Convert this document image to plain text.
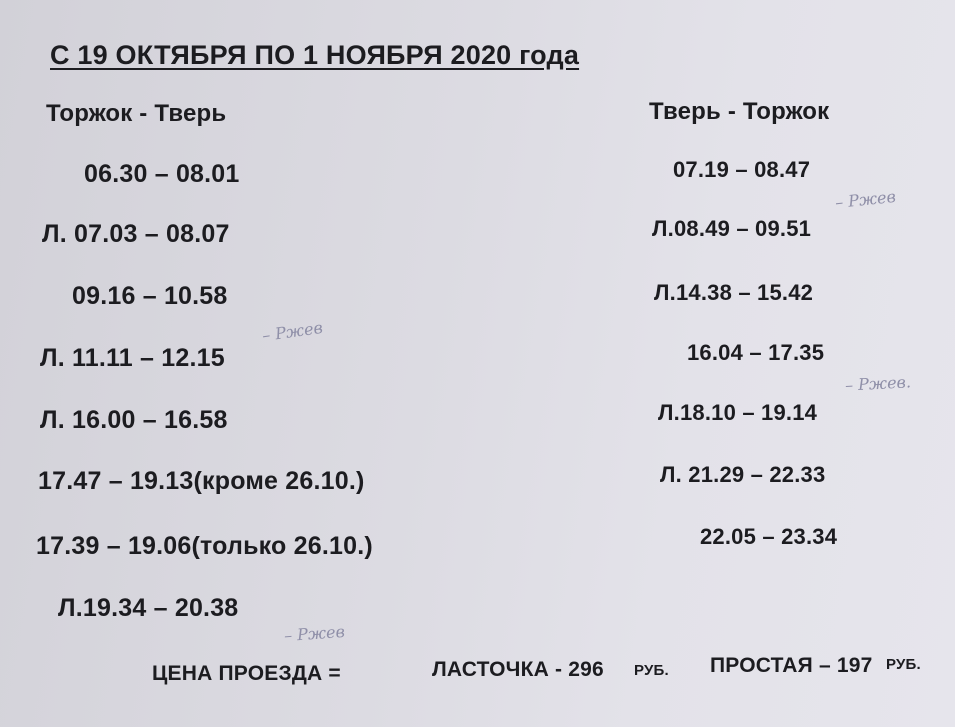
С 19 ОКТЯБРЯ ПО 1 НОЯБРЯ 2020 года
Торжок - Тверь
06.30 – 08.01
Л. 07.03 – 08.07
09.16 – 10.58
Л. 11.11 – 12.15
Л. 16.00 – 16.58
17.47 – 19.13(кроме 26.10.)
17.39 – 19.06(только 26.10.)
Л.19.34 – 20.38
Тверь - Торжок
07.19 – 08.47
Л.08.49 – 09.51
Л.14.38 – 15.42
16.04 – 17.35
Л.18.10 – 19.14
Л. 21.29 – 22.33
22.05 – 23.34
ЦЕНА ПРОЕЗДА =	ЛАСТОЧКА - 296 РУБ. ПРОСТАЯ – 197 РУБ.
– Ржев
– Ржев
– Ржев.
– Ржев
